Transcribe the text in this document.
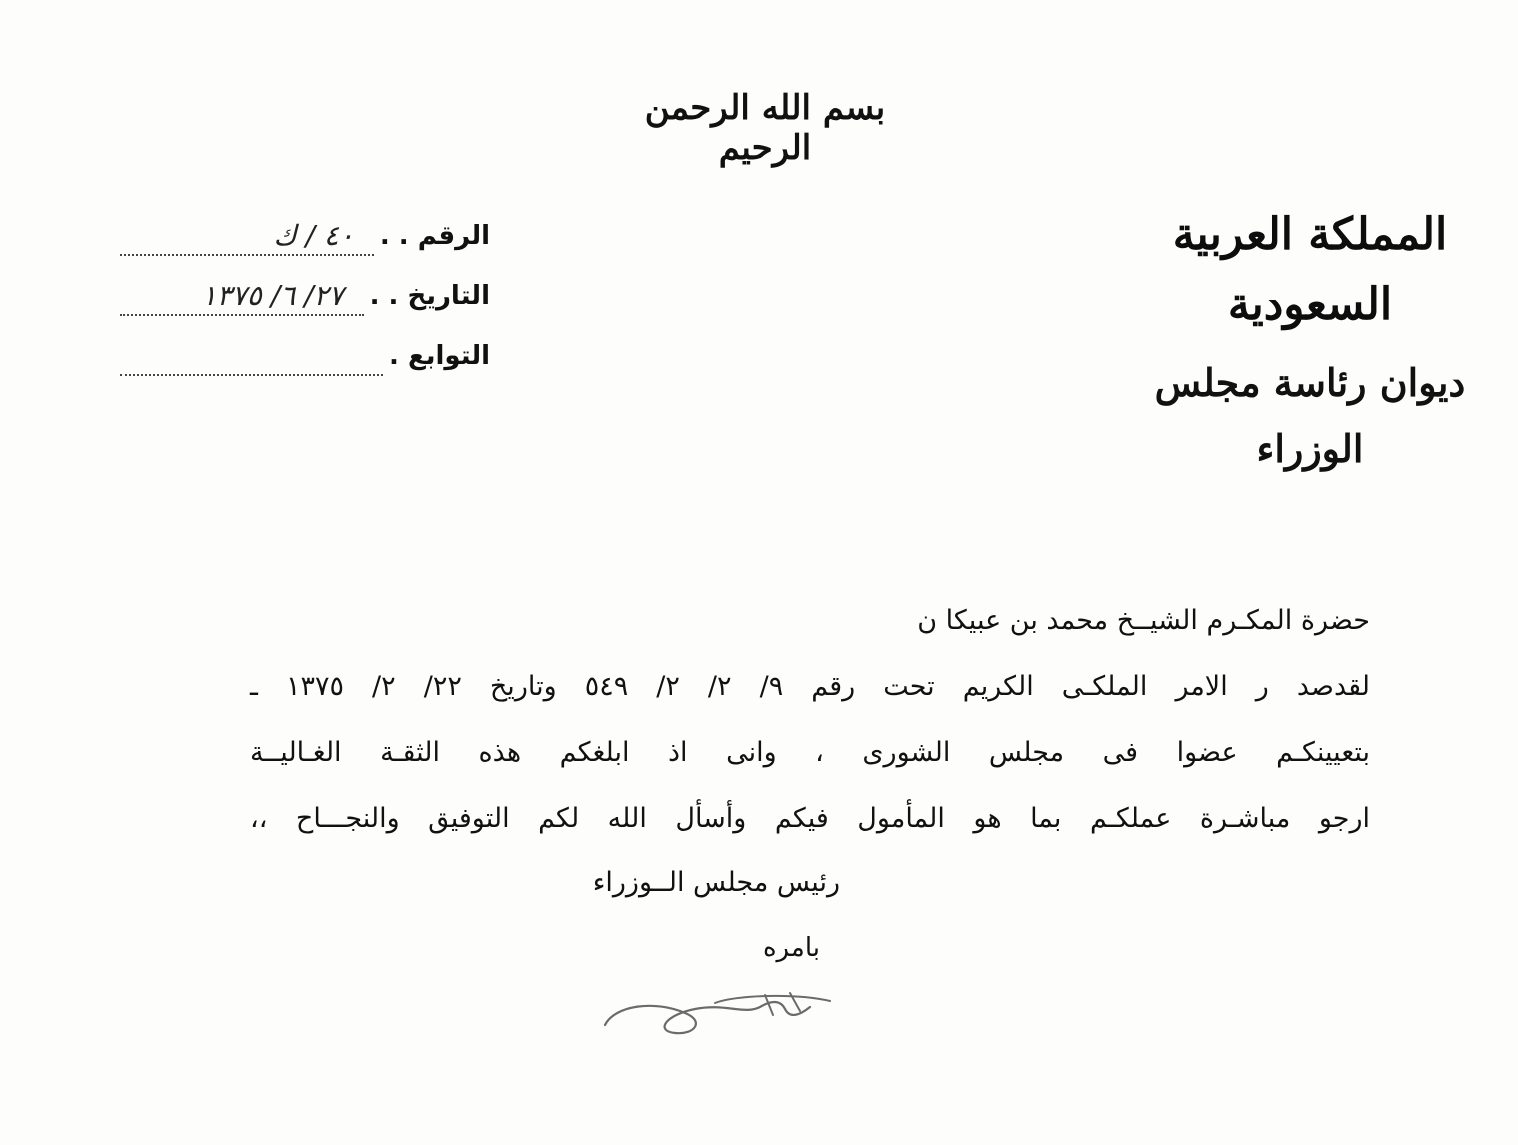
بسم الله الرحمن الرحيم
المملكة العربية السعودية
ديوان رئاسة مجلس الوزراء
الرقم . .
٤٠ / ك
التاريخ . .
٢٧/ ٦/ ١٣٧٥
التوابع .
حضرة المكـرم الشيــخ محمد بن عبيكا ن
لقدصد ر الامر الملكـى الكريم تحت رقم ٩/ ٢/ ٢/ ٥٤٩ وتاريخ ٢٢/ ٢/ ١٣٧٥ ـ
بتعيينكـم عضوا فى مجلس الشورى ، وانى اذ ابلغكم هذه الثقـة الغـاليــة
ارجو مباشـرة عملكـم بما هو المأمول فيكم وأسأل الله لكم التوفيق والنجـــاح ،،
رئيس مجلس الــوزراء
بامره
